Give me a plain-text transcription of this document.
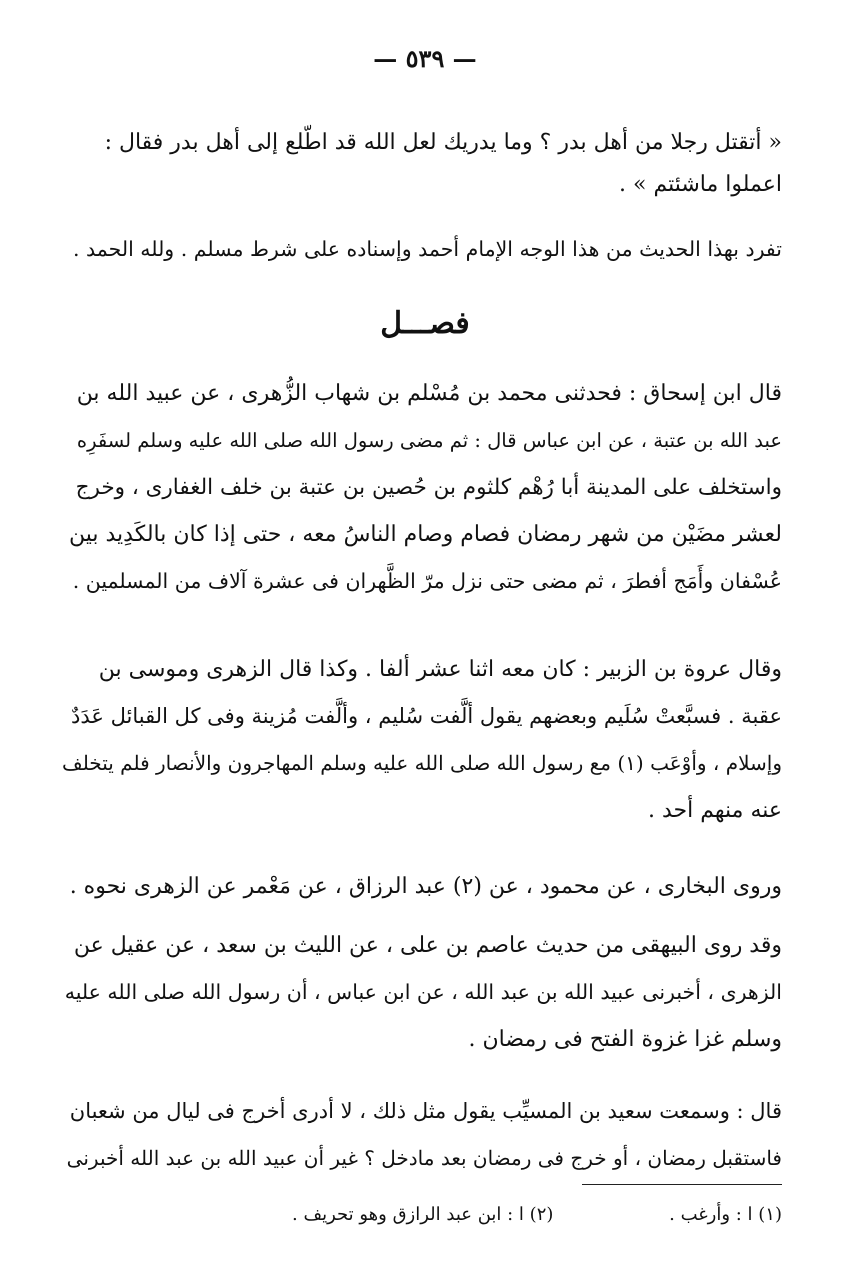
— ٥٣٩ —
« أتقتل رجلا من أهل بدر ؟ وما يدريك لعل الله قد اطّلع إلى أهل بدر فقال :
اعملوا ماشئتم » .
تفرد بهذا الحديث من هذا الوجه الإمام أحمد وإسناده على شرط مسلم . ولله الحمد .
فصـــل
قال ابن إسحاق : فحدثنى محمد بن مُسْلم بن شهاب الزُّهرى ، عن عبيد الله بن
عبد الله بن عتبة ، عن ابن عباس قال : ثم مضى رسول الله صلى الله عليه وسلم لسفَرِه
واستخلف على المدينة أبا رُهْم كلثوم بن حُصين بن عتبة بن خلف الغفارى ، وخرج
لعشر مضَيْن من شهر رمضان فصام وصام الناسُ معه ، حتى إذا كان بالكَدِيد بين
عُسْفان وأَمَج أفطرَ ، ثم مضى حتى نزل مرّ الظَّهران فى عشرة آلاف من المسلمين .
وقال عروة بن الزبير : كان معه اثنا عشر ألفا . وكذا قال الزهرى وموسى بن
عقبة . فسبَّعتْ سُلَيم وبعضهم يقول ألَّفت سُليم ، وألَّفت مُزينة وفى كل القبائل عَدَدٌ
وإسلام ، وأوْعَب (١) مع رسول الله صلى الله عليه وسلم المهاجرون والأنصار فلم يتخلف
عنه منهم أحد .
وروى البخارى ، عن محمود ، عن (٢) عبد الرزاق ، عن مَعْمر عن الزهرى نحوه .
وقد روى البيهقى من حديث عاصم بن على ، عن الليث بن سعد ، عن عقيل عن
الزهرى ، أخبرنى عبيد الله بن عبد الله ، عن ابن عباس ، أن رسول الله صلى الله عليه
وسلم غزا غزوة الفتح فى رمضان .
قال : وسمعت سعيد بن المسيِّب يقول مثل ذلك ، لا أدرى أخرج فى ليال من شعبان
فاستقبل رمضان ، أو خرج فى رمضان بعد مادخل ؟ غير أن عبيد الله بن عبد الله أخبرنى
(١) ا : وأرغب . (٢) ا : ابن عبد الرازق وهو تحريف .
